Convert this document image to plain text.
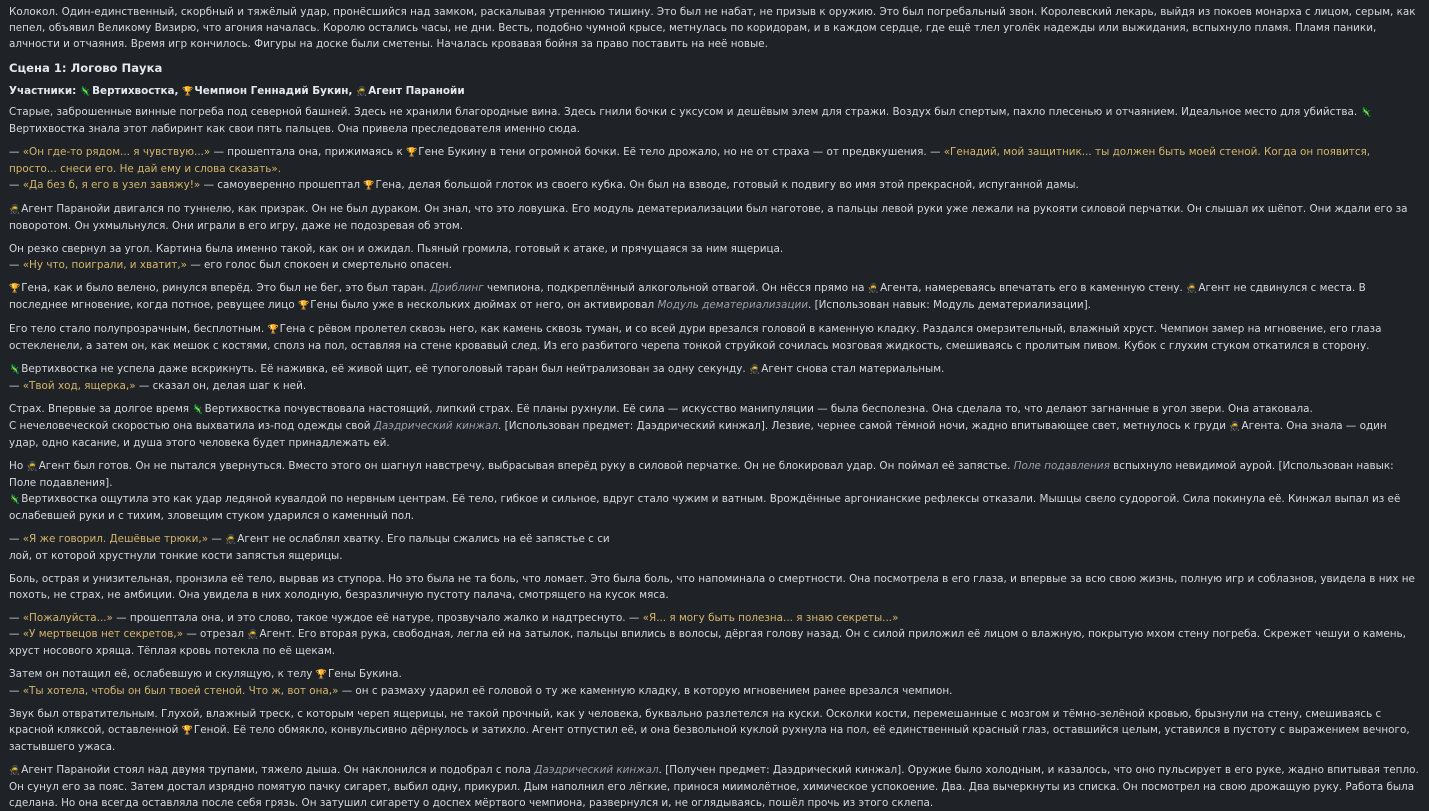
Колокол. Один-единственный, скорбный и тяжёлый удар, пронёсшийся над замком, раскалывая утреннюю тишину. Это был не набат, не призыв к оружию. Это был погребальный звон. Королевский лекарь, выйдя из покоев монарха с лицом, серым, как пепел, объявил Великому Визирю, что агония началась. Королю остались часы, не дни. Весть, подобно чумной крысе, метнулась по коридорам, и в каждом сердце, где ещё тлел уголёк надежды или выжидания, вспыхнуло пламя. Пламя паники, алчности и отчаяния. Время игр кончилось. Фигуры на доске были сметены. Началась кровавая бойня за право поставить на неё новые.

Сцена 1: Логово Паука
Участники: 🦎Вертихвостка, 🏆Чемпион Геннадий Букин, 🥷Агент Паранойи

Старые, заброшенные винные погреба под северной башней. Здесь не хранили благородные вина. Здесь гнили бочки с уксусом и дешёвым элем для стражи. Воздух был спертым, пахло плесенью и отчаянием. Идеальное место для убийства. 🦎Вертихвостка знала этот лабиринт как свои пять пальцев. Она привела преследователя именно сюда.

— «Он где-то рядом... я чувствую...» — прошептала она, прижимаясь к 🏆Гене Букину в тени огромной бочки. Её тело дрожало, но не от страха — от предвкушения. — «Генадий, мой защитник... ты должен быть моей стеной. Когда он появится, просто... снеси его. Не дай ему и слова сказать».
— «Да без б, я его в узел завяжу!» — самоуверенно прошептал 🏆Гена, делая большой глоток из своего кубка. Он был на взводе, готовый к подвигу во имя этой прекрасной, испуганной дамы.

🥷Агент Паранойи двигался по туннелю, как призрак. Он не был дураком. Он знал, что это ловушка. Его модуль дематериализации был наготове, а пальцы левой руки уже лежали на рукояти силовой перчатки. Он слышал их шёпот. Они ждали его за поворотом. Он ухмыльнулся. Они играли в его игру, даже не подозревая об этом.

Он резко свернул за угол. Картина была именно такой, как он и ожидал. Пьяный громила, готовый к атаке, и прячущаяся за ним ящерица.
— «Ну что, поиграли, и хватит,» — его голос был спокоен и смертельно опасен.

🏆Гена, как и было велено, ринулся вперёд. Это был не бег, это был таран. Дриблинг чемпиона, подкреплённый алкогольной отвагой. Он нёсся прямо на 🥷Агента, намереваясь впечатать его в каменную стену. 🥷Агент не сдвинулся с места. В последнее мгновение, когда потное, ревущее лицо 🏆Гены было уже в нескольких дюймах от него, он активировал Модуль дематериализации. [Использован навык: Модуль дематериализации].

Его тело стало полупрозрачным, бесплотным. 🏆Гена с рёвом пролетел сквозь него, как камень сквозь туман, и со всей дури врезался головой в каменную кладку. Раздался омерзительный, влажный хруст. Чемпион замер на мгновение, его глаза остекленели, а затем он, как мешок с костями, сполз на пол, оставляя на стене кровавый след. Из его разбитого черепа тонкой струйкой сочилась мозговая жидкость, смешиваясь с пролитым пивом. Кубок с глухим стуком откатился в сторону.

🦎Вертихвостка не успела даже вскрикнуть. Её наживка, её живой щит, её тупоголовый таран был нейтрализован за одну секунду. 🥷Агент снова стал материальным.
— «Твой ход, ящерка,» — сказал он, делая шаг к ней.

Страх. Впервые за долгое время 🦎Вертихвостка почувствовала настоящий, липкий страх. Её планы рухнули. Её сила — искусство манипуляции — была бесполезна. Она сделала то, что делают загнанные в угол звери. Она атаковала.
С нечеловеческой скоростью она выхватила из-под одежды свой Даэдрический кинжал. [Использован предмет: Даэдрический кинжал]. Лезвие, чернее самой тёмной ночи, жадно впитывающее свет, метнулось к груди 🥷Агента. Она знала — один удар, одно касание, и душа этого человека будет принадлежать ей.

Но 🥷Агент был готов. Он не пытался увернуться. Вместо этого он шагнул навстречу, выбрасывая вперёд руку в силовой перчатке. Он не блокировал удар. Он поймал её запястье. Поле подавления вспыхнуло невидимой аурой. [Использован навык: Поле подавления].
🦎Вертихвостка ощутила это как удар ледяной кувалдой по нервным центрам. Её тело, гибкое и сильное, вдруг стало чужим и ватным. Врождённые аргонианские рефлексы отказали. Мышцы свело судорогой. Сила покинула её. Кинжал выпал из её ослабевшей руки и с тихим, зловещим стуком ударился о каменный пол.

— «Я же говорил. Дешёвые трюки,» — 🥷Агент не ослаблял хватку. Его пальцы сжались на её запястье с си
лой, от которой хрустнули тонкие кости запястья ящерицы.

Боль, острая и унизительная, пронзила её тело, вырвав из ступора. Но это была не та боль, что ломает. Это была боль, что напоминала о смертности. Она посмотрела в его глаза, и впервые за всю свою жизнь, полную игр и соблазнов, увидела в них не похоть, не страх, не амбиции. Она увидела в них холодную, безразличную пустоту палача, смотрящего на кусок мяса.

— «Пожалуйста...» — прошептала она, и это слово, такое чуждое её натуре, прозвучало жалко и надтреснуто. — «Я... я могу быть полезна... я знаю секреты...»
— «У мертвецов нет секретов,» — отрезал 🥷Агент. Его вторая рука, свободная, легла ей на затылок, пальцы впились в волосы, дёргая голову назад. Он с силой приложил её лицом о влажную, покрытую мхом стену погреба. Скрежет чешуи о камень, хруст носового хряща. Тёплая кровь потекла по её щекам.

Затем он потащил её, ослабевшую и скулящую, к телу 🏆Гены Букина.
— «Ты хотела, чтобы он был твоей стеной. Что ж, вот она,» — он с размаху ударил её головой о ту же каменную кладку, в которую мгновением ранее врезался чемпион.

Звук был отвратительным. Глухой, влажный треск, с которым череп ящерицы, не такой прочный, как у человека, буквально разлетелся на куски. Осколки кости, перемешанные с мозгом и тёмно-зелёной кровью, брызнули на стену, смешиваясь с красной кляксой, оставленной 🏆Геной. Её тело обмякло, конвульсивно дёрнулось и затихло. Агент отпустил её, и она безвольной куклой рухнула на пол, её единственный красный глаз, оставшийся целым, уставился в пустоту с выражением вечного, застывшего ужаса.

🥷Агент Паранойи стоял над двумя трупами, тяжело дыша. Он наклонился и подобрал с пола Даэдрический кинжал. [Получен предмет: Даэдрический кинжал]. Оружие было холодным, и казалось, что оно пульсирует в его руке, жадно впитывая тепло. Он сунул его за пояс. Затем достал изрядно помятую пачку сигарет, выбил одну, прикурил. Дым наполнил его лёгкие, принося миимолётное, химическое успокоение. Два. Два вычеркнуты из списка. Он посмотрел на свою дрожащую руку. Работа была сделана. Но она всегда оставляла после себя грязь. Он затушил сигарету о доспех мёртвого чемпиона, развернулся и, не оглядываясь, пошёл прочь из этого склепа.
